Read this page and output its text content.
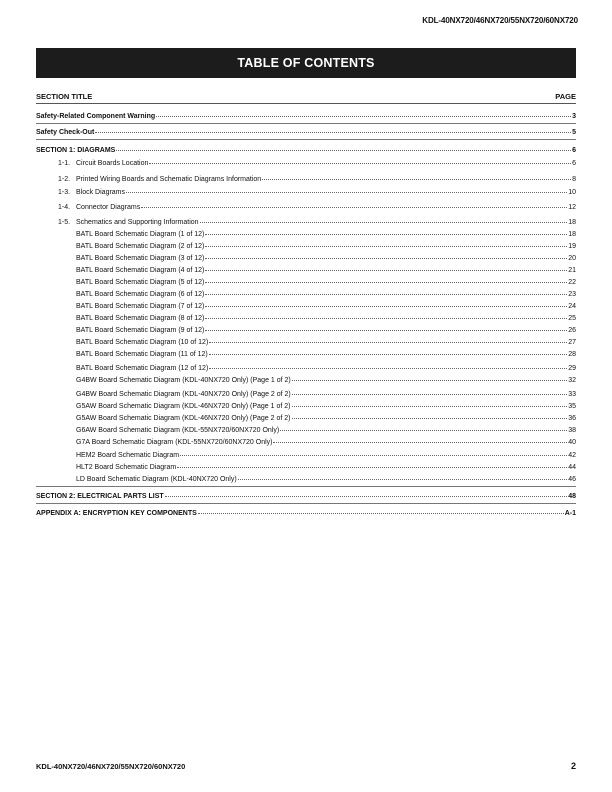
KDL-40NX720/46NX720/55NX720/60NX720
TABLE OF CONTENTS
SECTION TITLE	PAGE
Safety-Related Component Warning	3
Safety Check-Out	5
SECTION 1: DIAGRAMS	6
1-1. Circuit Boards Location	6
1-2. Printed Wiring Boards and Schematic Diagrams Information	8
1-3. Block Diagrams	10
1-4. Connector Diagrams	12
1-5. Schematics and Supporting Information	18
BATL Board Schematic Diagram (1 of 12)	18
BATL Board Schematic Diagram (2 of 12)	19
BATL Board Schematic Diagram (3 of 12)	20
BATL Board Schematic Diagram (4 of 12)	21
BATL Board Schematic Diagram (5 of 12)	22
BATL Board Schematic Diagram (6 of 12)	23
BATL Board Schematic Diagram (7 of 12)	24
BATL Board Schematic Diagram (8 of 12)	25
BATL Board Schematic Diagram (9 of 12)	26
BATL Board Schematic Diagram (10 of 12)	27
BATL Board Schematic Diagram (11 of 12)	28
BATL Board Schematic Diagram (12 of 12)	29
G4BW Board Schematic Diagram (KDL-40NX720 Only) (Page 1 of 2)	32
G4BW Board Schematic Diagram (KDL-40NX720 Only) (Page 2 of 2)	33
G5AW Board Schematic Diagram (KDL-46NX720 Only) (Page 1 of 2)	35
G5AW Board Schematic Diagram (KDL-46NX720 Only) (Page 2 of 2)	36
G6AW Board Schematic Diagram (KDL-55NX720/60NX720 Only)	38
G7A Board Schematic Diagram (KDL-55NX720/60NX720 Only)	40
HEM2 Board Schematic Diagram	42
HLT2 Board Schematic Diagram	44
LD Board Schematic Diagram (KDL-40NX720 Only)	46
SECTION 2: ELECTRICAL PARTS LIST	48
APPENDIX A: ENCRYPTION KEY COMPONENTS	A-1
KDL-40NX720/46NX720/55NX720/60NX720	2
